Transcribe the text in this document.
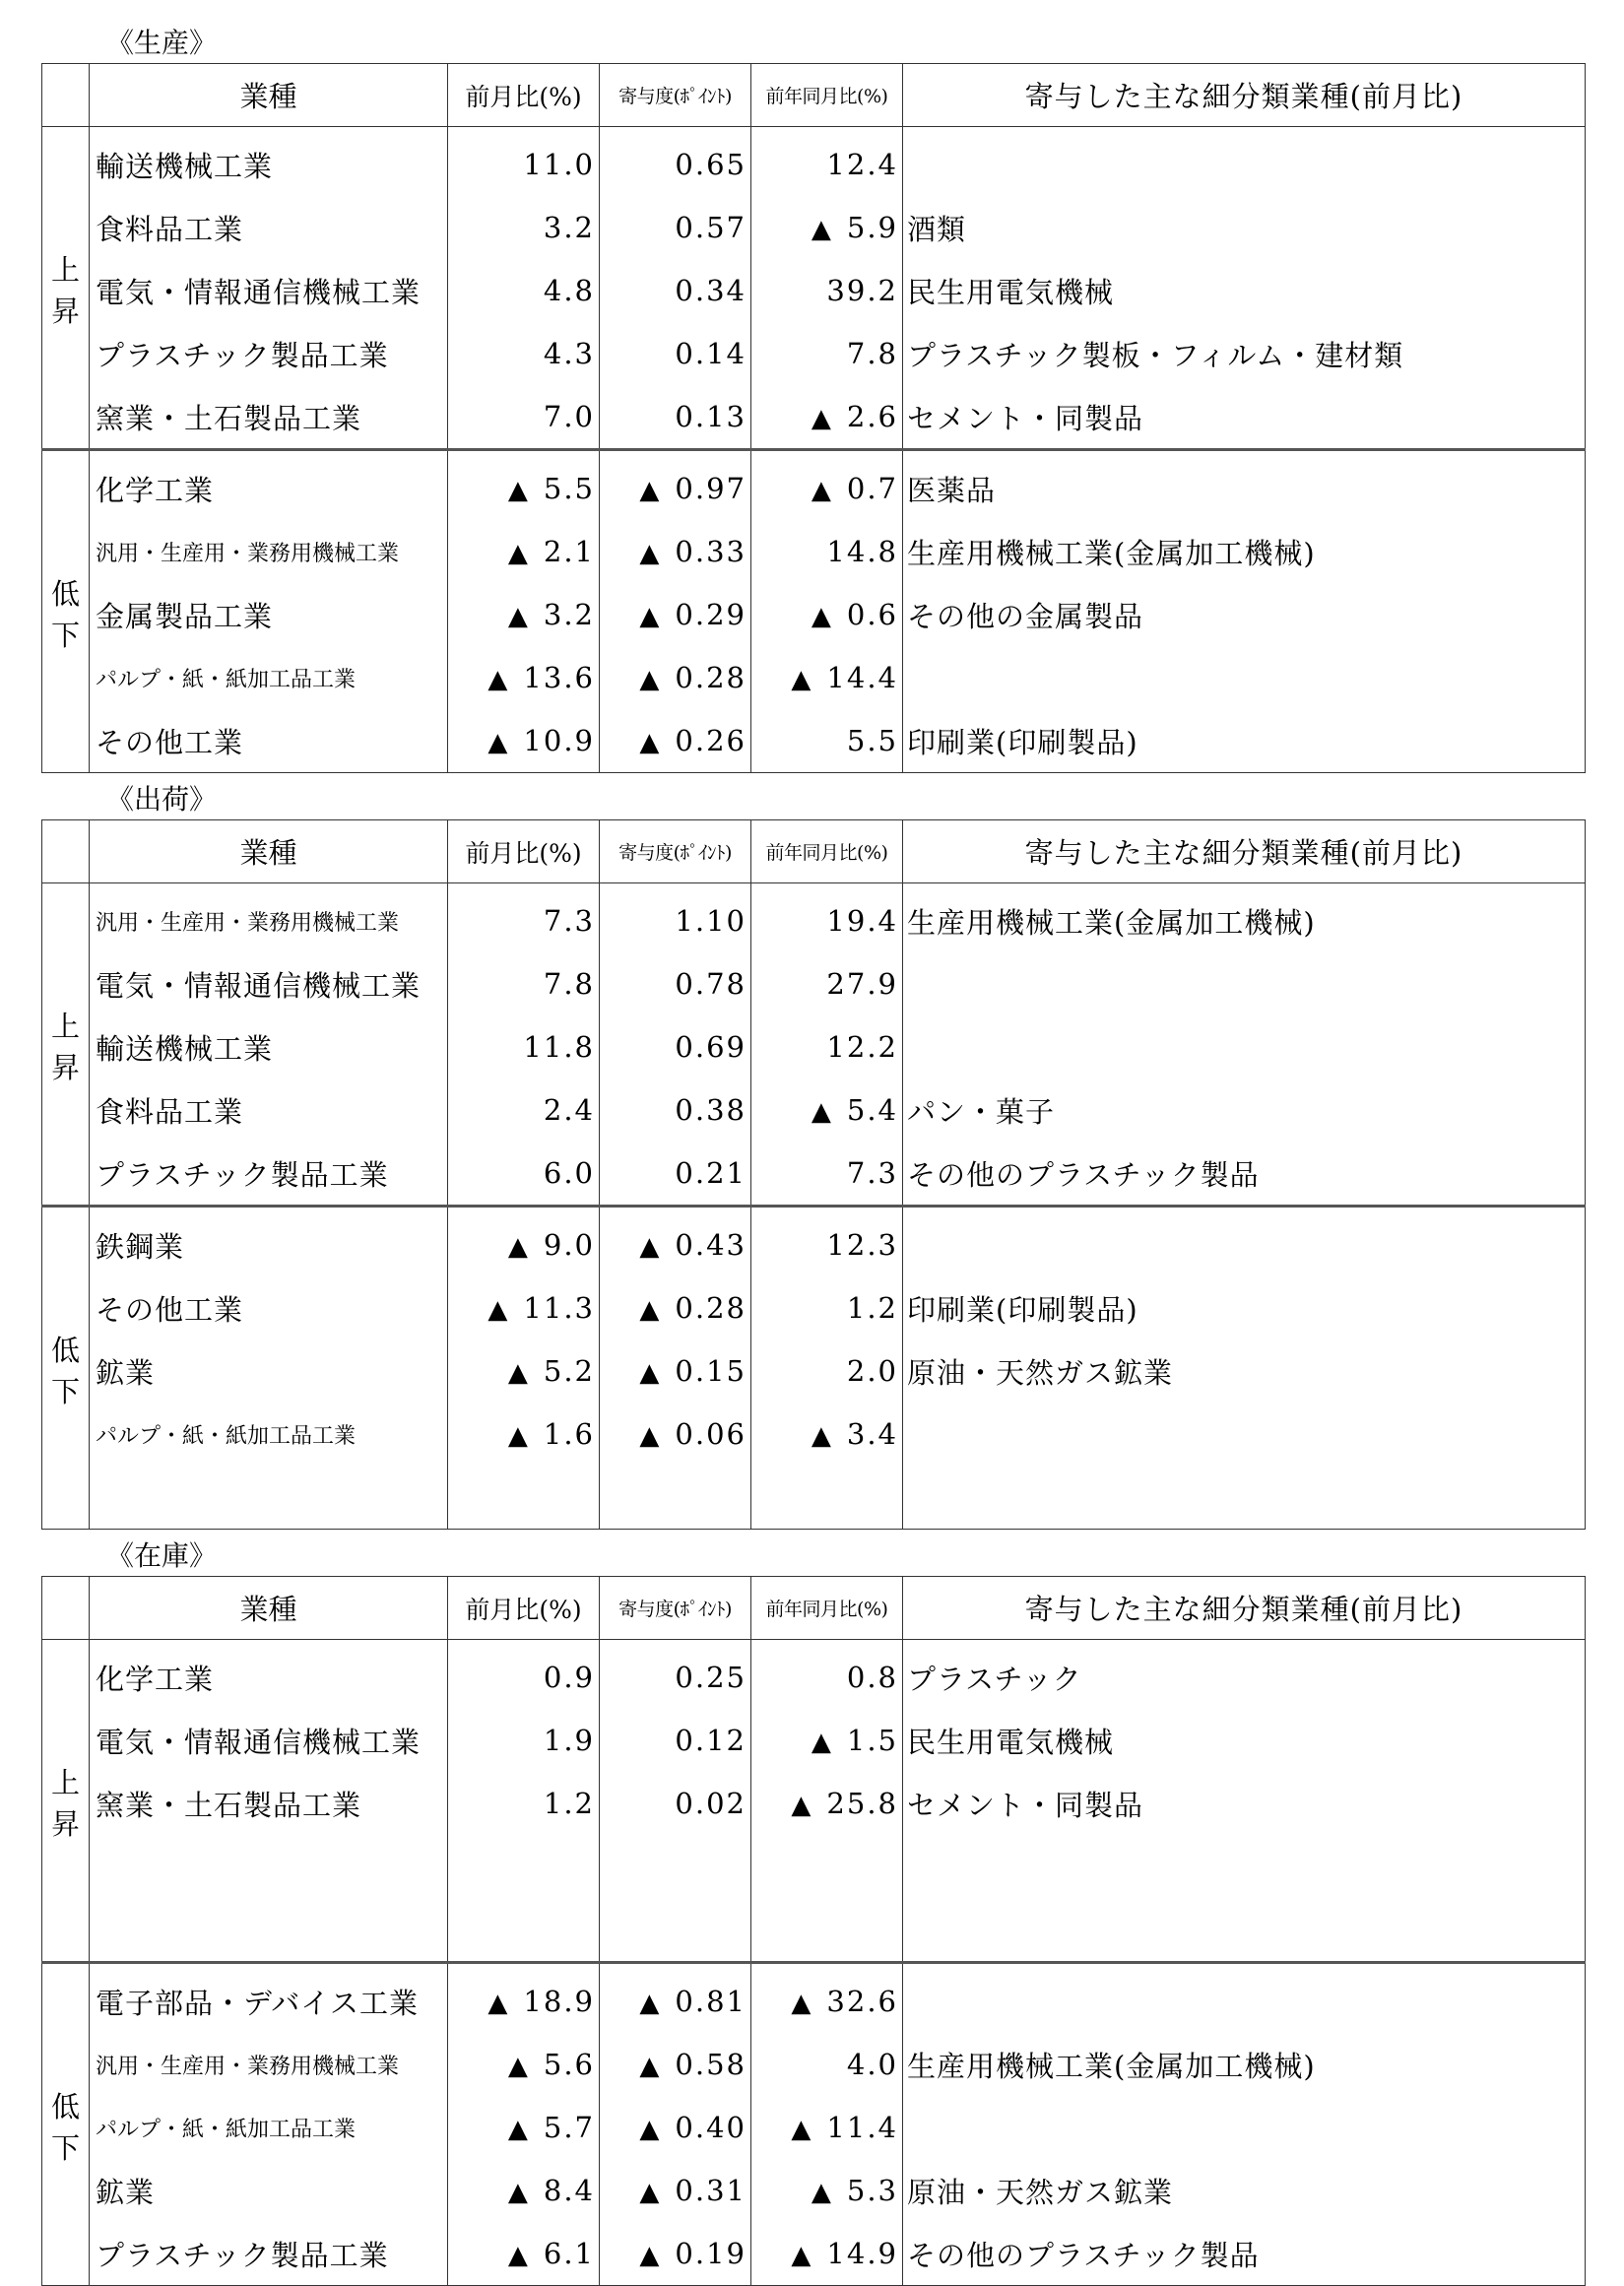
《生産》
	業種	前月比(%)	寄与度(ﾎﾟｲﾝﾄ)	前年同月比(%)	寄与した主な細分類業種(前月比)
上
昇	輸送機械工業	11.0	0.65	12.4	
	食料品工業	3.2	0.57	▲ 5.9	酒類
	電気・情報通信機械工業	4.8	0.34	39.2	民生用電気機械
	プラスチック製品工業	4.3	0.14	7.8	プラスチック製板・フィルム・建材類
	窯業・土石製品工業	7.0	0.13	▲ 2.6	セメント・同製品
低
下	化学工業	▲ 5.5	▲ 0.97	▲ 0.7	医薬品
	汎用・生産用・業務用機械工業	▲ 2.1	▲ 0.33	14.8	生産用機械工業(金属加工機械)
	金属製品工業	▲ 3.2	▲ 0.29	▲ 0.6	その他の金属製品
	パルプ・紙・紙加工品工業	▲ 13.6	▲ 0.28	▲ 14.4	
	その他工業	▲ 10.9	▲ 0.26	5.5	印刷業(印刷製品)
《出荷》
	業種	前月比(%)	寄与度(ﾎﾟｲﾝﾄ)	前年同月比(%)	寄与した主な細分類業種(前月比)
上
昇	汎用・生産用・業務用機械工業	7.3	1.10	19.4	生産用機械工業(金属加工機械)
	電気・情報通信機械工業	7.8	0.78	27.9	
	輸送機械工業	11.8	0.69	12.2	
	食料品工業	2.4	0.38	▲ 5.4	パン・菓子
	プラスチック製品工業	6.0	0.21	7.3	その他のプラスチック製品
低
下	鉄鋼業	▲ 9.0	▲ 0.43	12.3	
	その他工業	▲ 11.3	▲ 0.28	1.2	印刷業(印刷製品)
	鉱業	▲ 5.2	▲ 0.15	2.0	原油・天然ガス鉱業
	パルプ・紙・紙加工品工業	▲ 1.6	▲ 0.06	▲ 3.4	

《在庫》
	業種	前月比(%)	寄与度(ﾎﾟｲﾝﾄ)	前年同月比(%)	寄与した主な細分類業種(前月比)
上
昇	化学工業	0.9	0.25	0.8	プラスチック
	電気・情報通信機械工業	1.9	0.12	▲ 1.5	民生用電気機械
	窯業・土石製品工業	1.2	0.02	▲ 25.8	セメント・同製品

低
下	電子部品・デバイス工業	▲ 18.9	▲ 0.81	▲ 32.6	
	汎用・生産用・業務用機械工業	▲ 5.6	▲ 0.58	4.0	生産用機械工業(金属加工機械)
	パルプ・紙・紙加工品工業	▲ 5.7	▲ 0.40	▲ 11.4	
	鉱業	▲ 8.4	▲ 0.31	▲ 5.3	原油・天然ガス鉱業
	プラスチック製品工業	▲ 6.1	▲ 0.19	▲ 14.9	その他のプラスチック製品
